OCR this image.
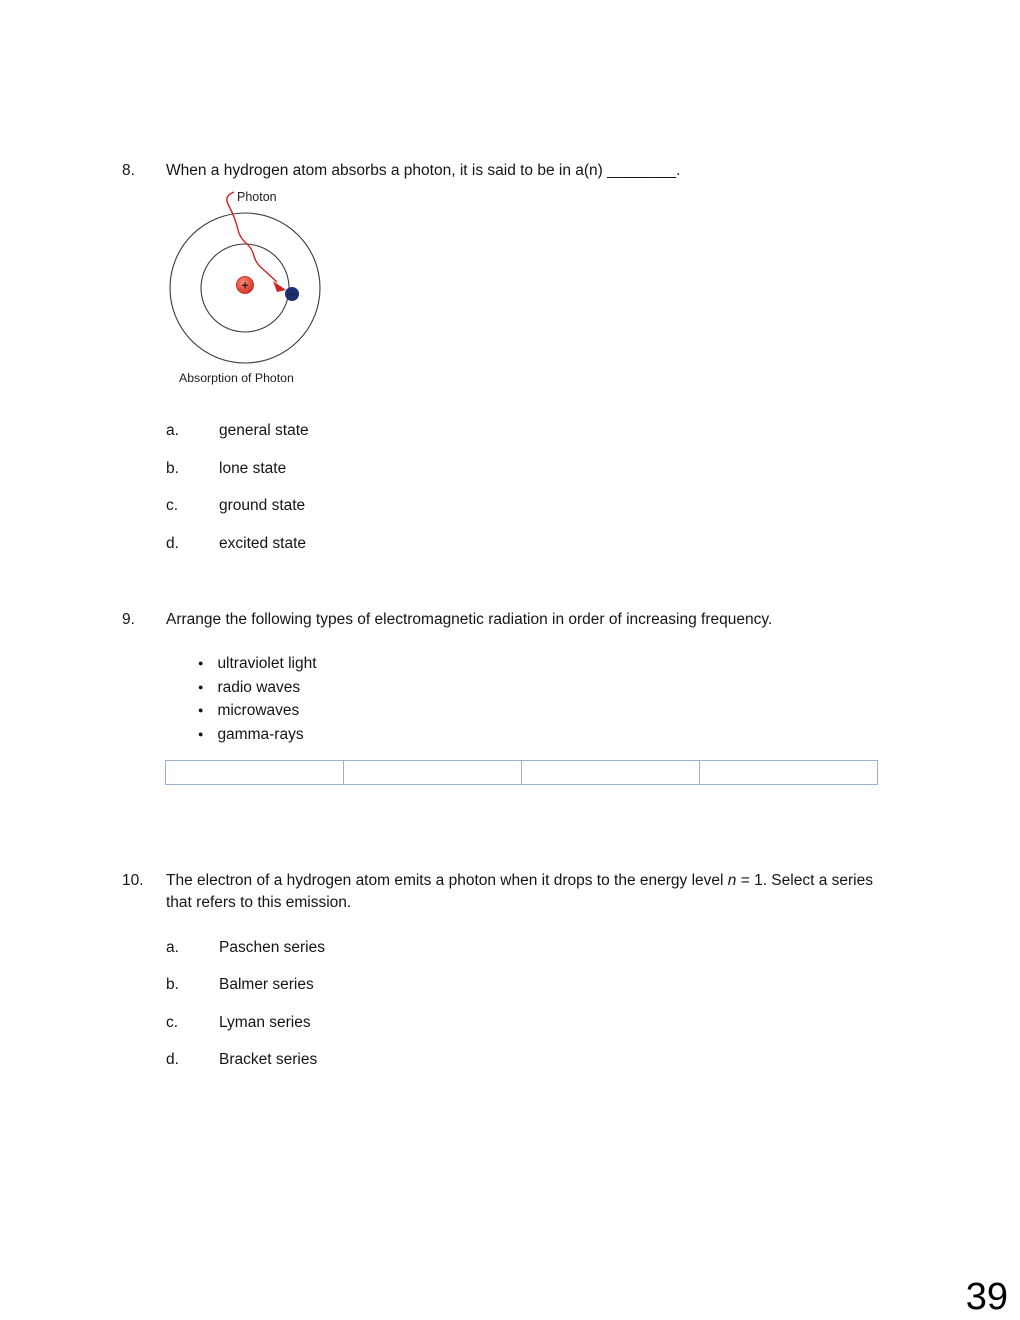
8. When a hydrogen atom absorbs a photon, it is said to be in a(n) ________.
Photon
+
−
Absorption of Photon
a.	general state
b.	lone state
c.	ground state
d.	excited state
9. Arrange the following types of electromagnetic radiation in order of increasing frequency.
● ultraviolet light
● radio waves
● microwaves
● gamma-rays
10. The electron of a hydrogen atom emits a photon when it drops to the energy level n = 1. Select a series that refers to this emission.
a.	Paschen series
b.	Balmer series
c.	Lyman series
d.	Bracket series
39
